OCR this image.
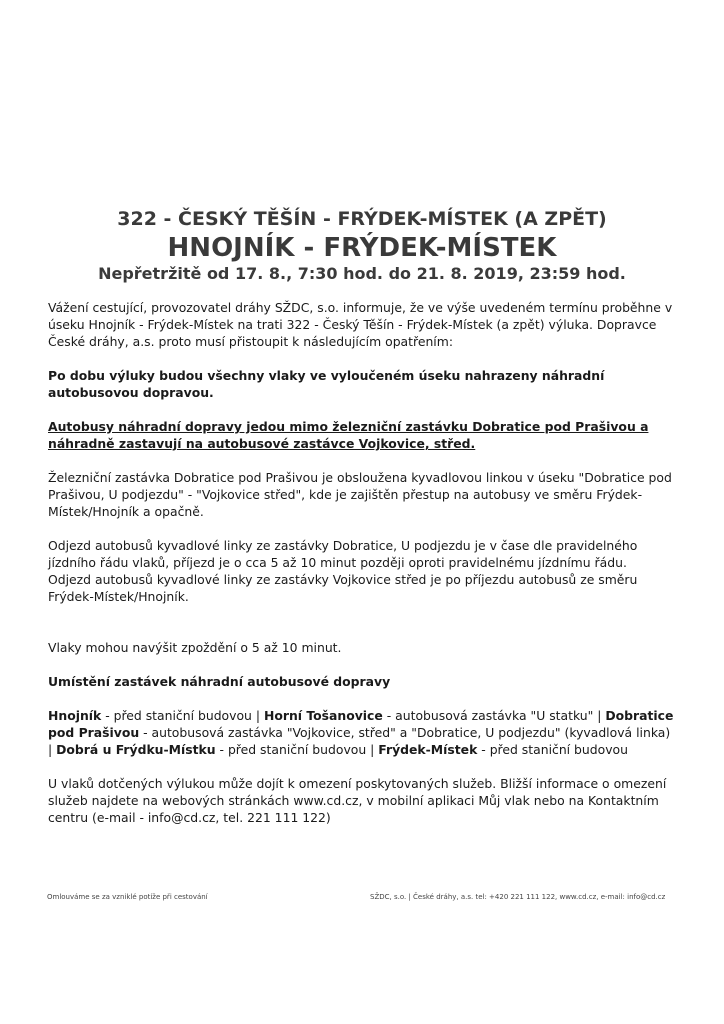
322 - ČESKÝ TĚŠÍN - FRÝDEK-MÍSTEK (A ZPĚT)
HNOJNÍK - FRÝDEK-MÍSTEK
Nepřetržitě od 17. 8., 7:30 hod. do 21. 8. 2019, 23:59 hod.

Vážení cestující, provozovatel dráhy SŽDC, s.o. informuje, že ve výše uvedeném termínu proběhne v úseku Hnojník - Frýdek-Místek na trati 322 - Český Těšín - Frýdek-Místek (a zpět) výluka. Dopravce České dráhy, a.s. proto musí přistoupit k následujícím opatřením:

Po dobu výluky budou všechny vlaky ve vyloučeném úseku nahrazeny náhradní autobusovou dopravou.

Autobusy náhradní dopravy jedou mimo železniční zastávku Dobratice pod Prašivou a náhradně zastavují na autobusové zastávce Vojkovice, střed.

Železniční zastávka Dobratice pod Prašivou je obsloužena kyvadlovou linkou v úseku "Dobratice pod Prašivou, U podjezdu" - "Vojkovice střed", kde je zajištěn přestup na autobusy ve směru Frýdek-Místek/Hnojník a opačně.

Odjezd autobusů kyvadlové linky ze zastávky Dobratice, U podjezdu je v čase dle pravidelného jízdního řádu vlaků, příjezd je o cca 5 až 10 minut později oproti pravidelnému jízdnímu řádu.

Odjezd autobusů kyvadlové linky ze zastávky Vojkovice střed je po příjezdu autobusů ze směru Frýdek-Místek/Hnojník.

Vlaky mohou navýšit zpoždění o 5 až 10 minut.

Umístění zastávek náhradní autobusové dopravy

Hnojník - před staniční budovou | Horní Tošanovice - autobusová zastávka "U statku" | Dobratice pod Prašivou - autobusová zastávka "Vojkovice, střed" a "Dobratice, U podjezdu" (kyvadlová linka) | Dobrá u Frýdku-Místku - před staniční budovou | Frýdek-Místek - před staniční budovou

U vlaků dotčených výlukou může dojít k omezení poskytovaných služeb. Bližší informace o omezení služeb najdete na webových stránkách www.cd.cz, v mobilní aplikaci Můj vlak nebo na Kontaktním centru (e-mail - info@cd.cz, tel. 221 111 122)

Omlouváme se za vzniklé potíže při cestování	SŽDC, s.o. | České dráhy, a.s. tel: +420 221 111 122, www.cd.cz, e-mail: info@cd.cz
